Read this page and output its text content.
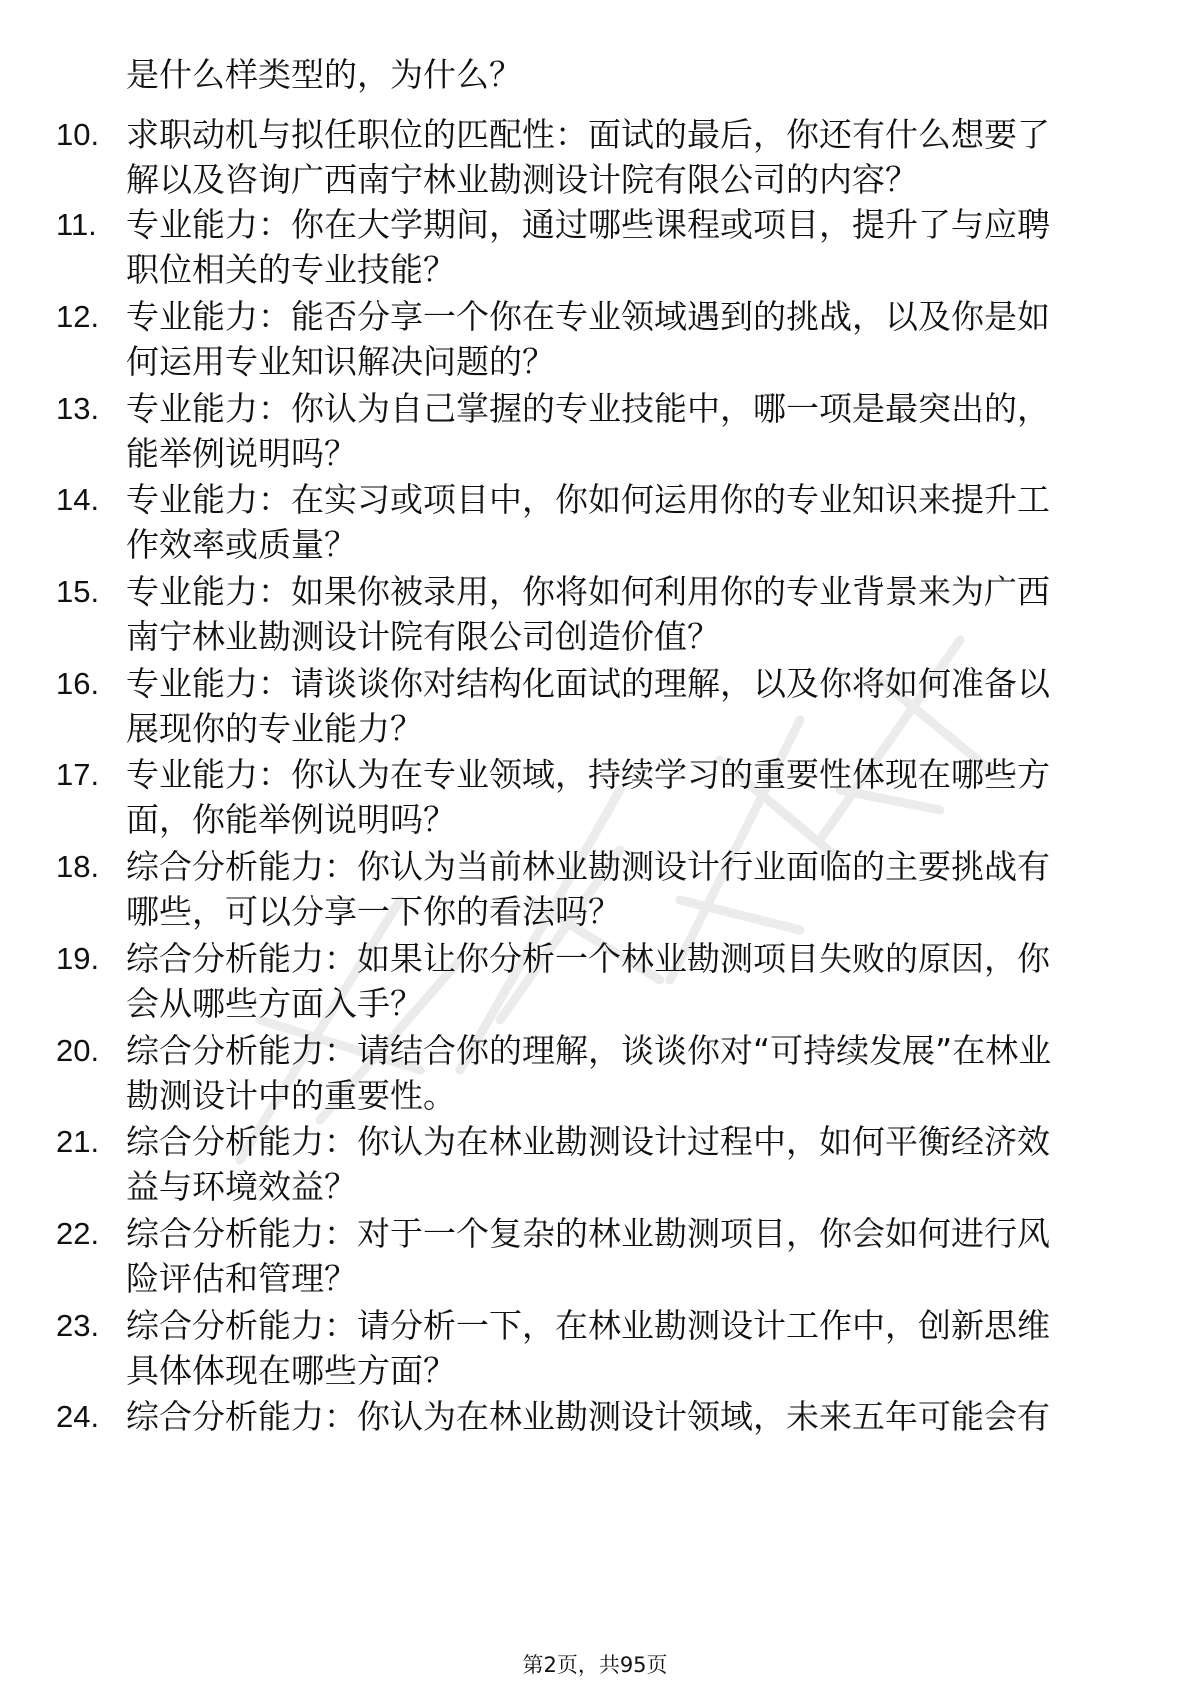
是什么样类型的，为什么？
10. 求职动机与拟任职位的匹配性：面试的最后，你还有什么想要了
解以及咨询广西南宁林业勘测设计院有限公司的内容？
11. 专业能力：你在大学期间，通过哪些课程或项目，提升了与应聘
职位相关的专业技能？
12. 专业能力：能否分享一个你在专业领域遇到的挑战，以及你是如
何运用专业知识解决问题的？
13. 专业能力：你认为自己掌握的专业技能中，哪一项是最突出的，
能举例说明吗？
14. 专业能力：在实习或项目中，你如何运用你的专业知识来提升工
作效率或质量？
15. 专业能力：如果你被录用，你将如何利用你的专业背景来为广西
南宁林业勘测设计院有限公司创造价值？
16. 专业能力：请谈谈你对结构化面试的理解，以及你将如何准备以
展现你的专业能力？
17. 专业能力：你认为在专业领域，持续学习的重要性体现在哪些方
面，你能举例说明吗？
18. 综合分析能力：你认为当前林业勘测设计行业面临的主要挑战有
哪些，可以分享一下你的看法吗？
19. 综合分析能力：如果让你分析一个林业勘测项目失败的原因，你
会从哪些方面入手？
20. 综合分析能力：请结合你的理解，谈谈你对“可持续发展”在林业
勘测设计中的重要性。
21. 综合分析能力：你认为在林业勘测设计过程中，如何平衡经济效
益与环境效益？
22. 综合分析能力：对于一个复杂的林业勘测项目，你会如何进行风
险评估和管理？
23. 综合分析能力：请分析一下，在林业勘测设计工作中，创新思维
具体体现在哪些方面？
24. 综合分析能力：你认为在林业勘测设计领域，未来五年可能会有
第2页，共95页
